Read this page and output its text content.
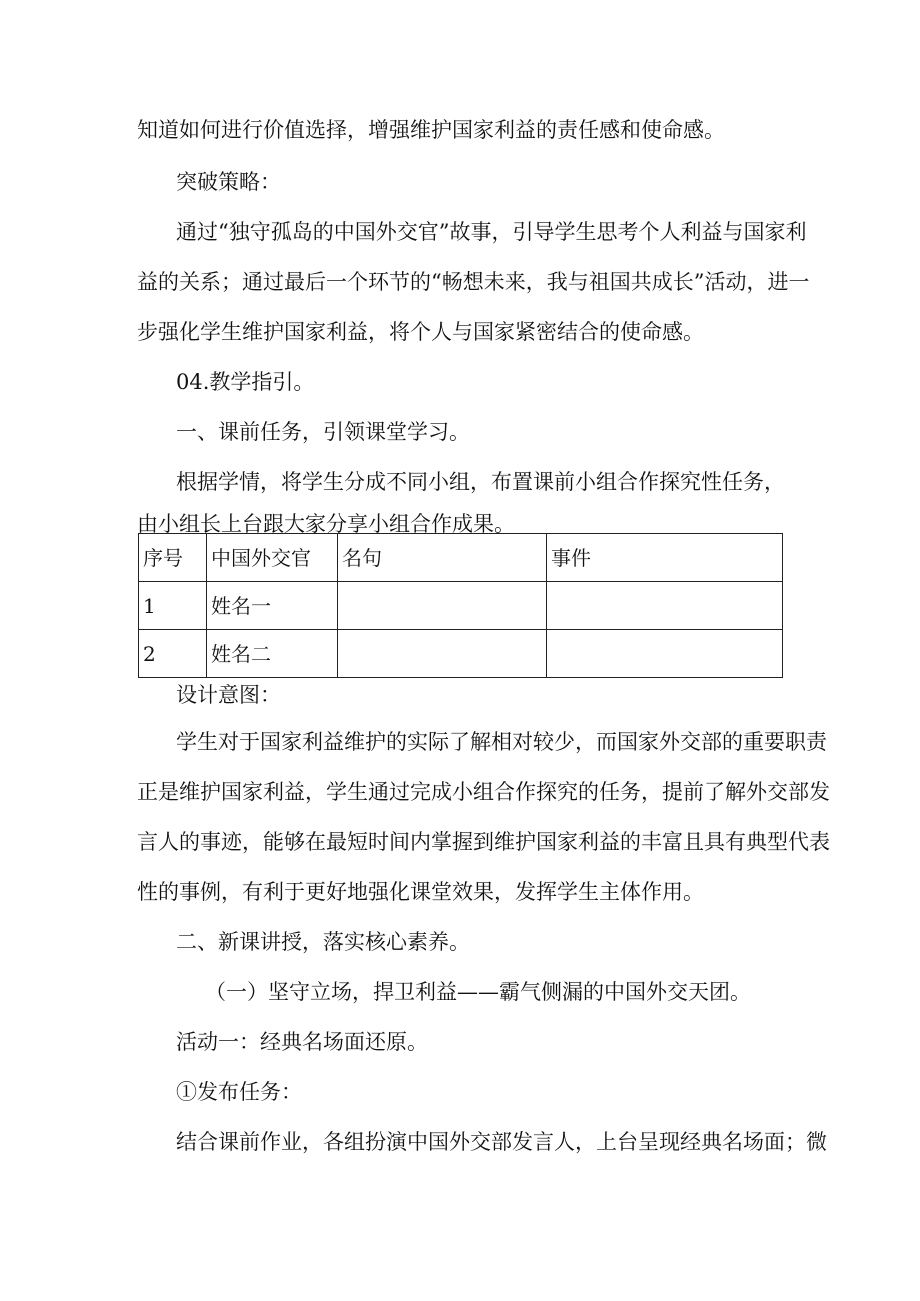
知道如何进行价值选择，增强维护国家利益的责任感和使命感。
突破策略：
通过“独守孤岛的中国外交官”故事，引导学生思考个人利益与国家利
益的关系；通过最后一个环节的“畅想未来，我与祖国共成长”活动，进一
步强化学生维护国家利益，将个人与国家紧密结合的使命感。
04.教学指引。
一、课前任务，引领课堂学习。
根据学情，将学生分成不同小组，布置课前小组合作探究性任务，
由小组长上台跟大家分享小组合作成果。
序号	中国外交官	名句	事件
1	姓名一		
2	姓名二		
设计意图：
学生对于国家利益维护的实际了解相对较少，而国家外交部的重要职责
正是维护国家利益，学生通过完成小组合作探究的任务，提前了解外交部发
言人的事迹，能够在最短时间内掌握到维护国家利益的丰富且具有典型代表
性的事例，有利于更好地强化课堂效果，发挥学生主体作用。
二、新课讲授，落实核心素养。
（一）坚守立场，捍卫利益——霸气侧漏的中国外交天团。
活动一：经典名场面还原。
①发布任务：
结合课前作业，各组扮演中国外交部发言人，上台呈现经典名场面；微
